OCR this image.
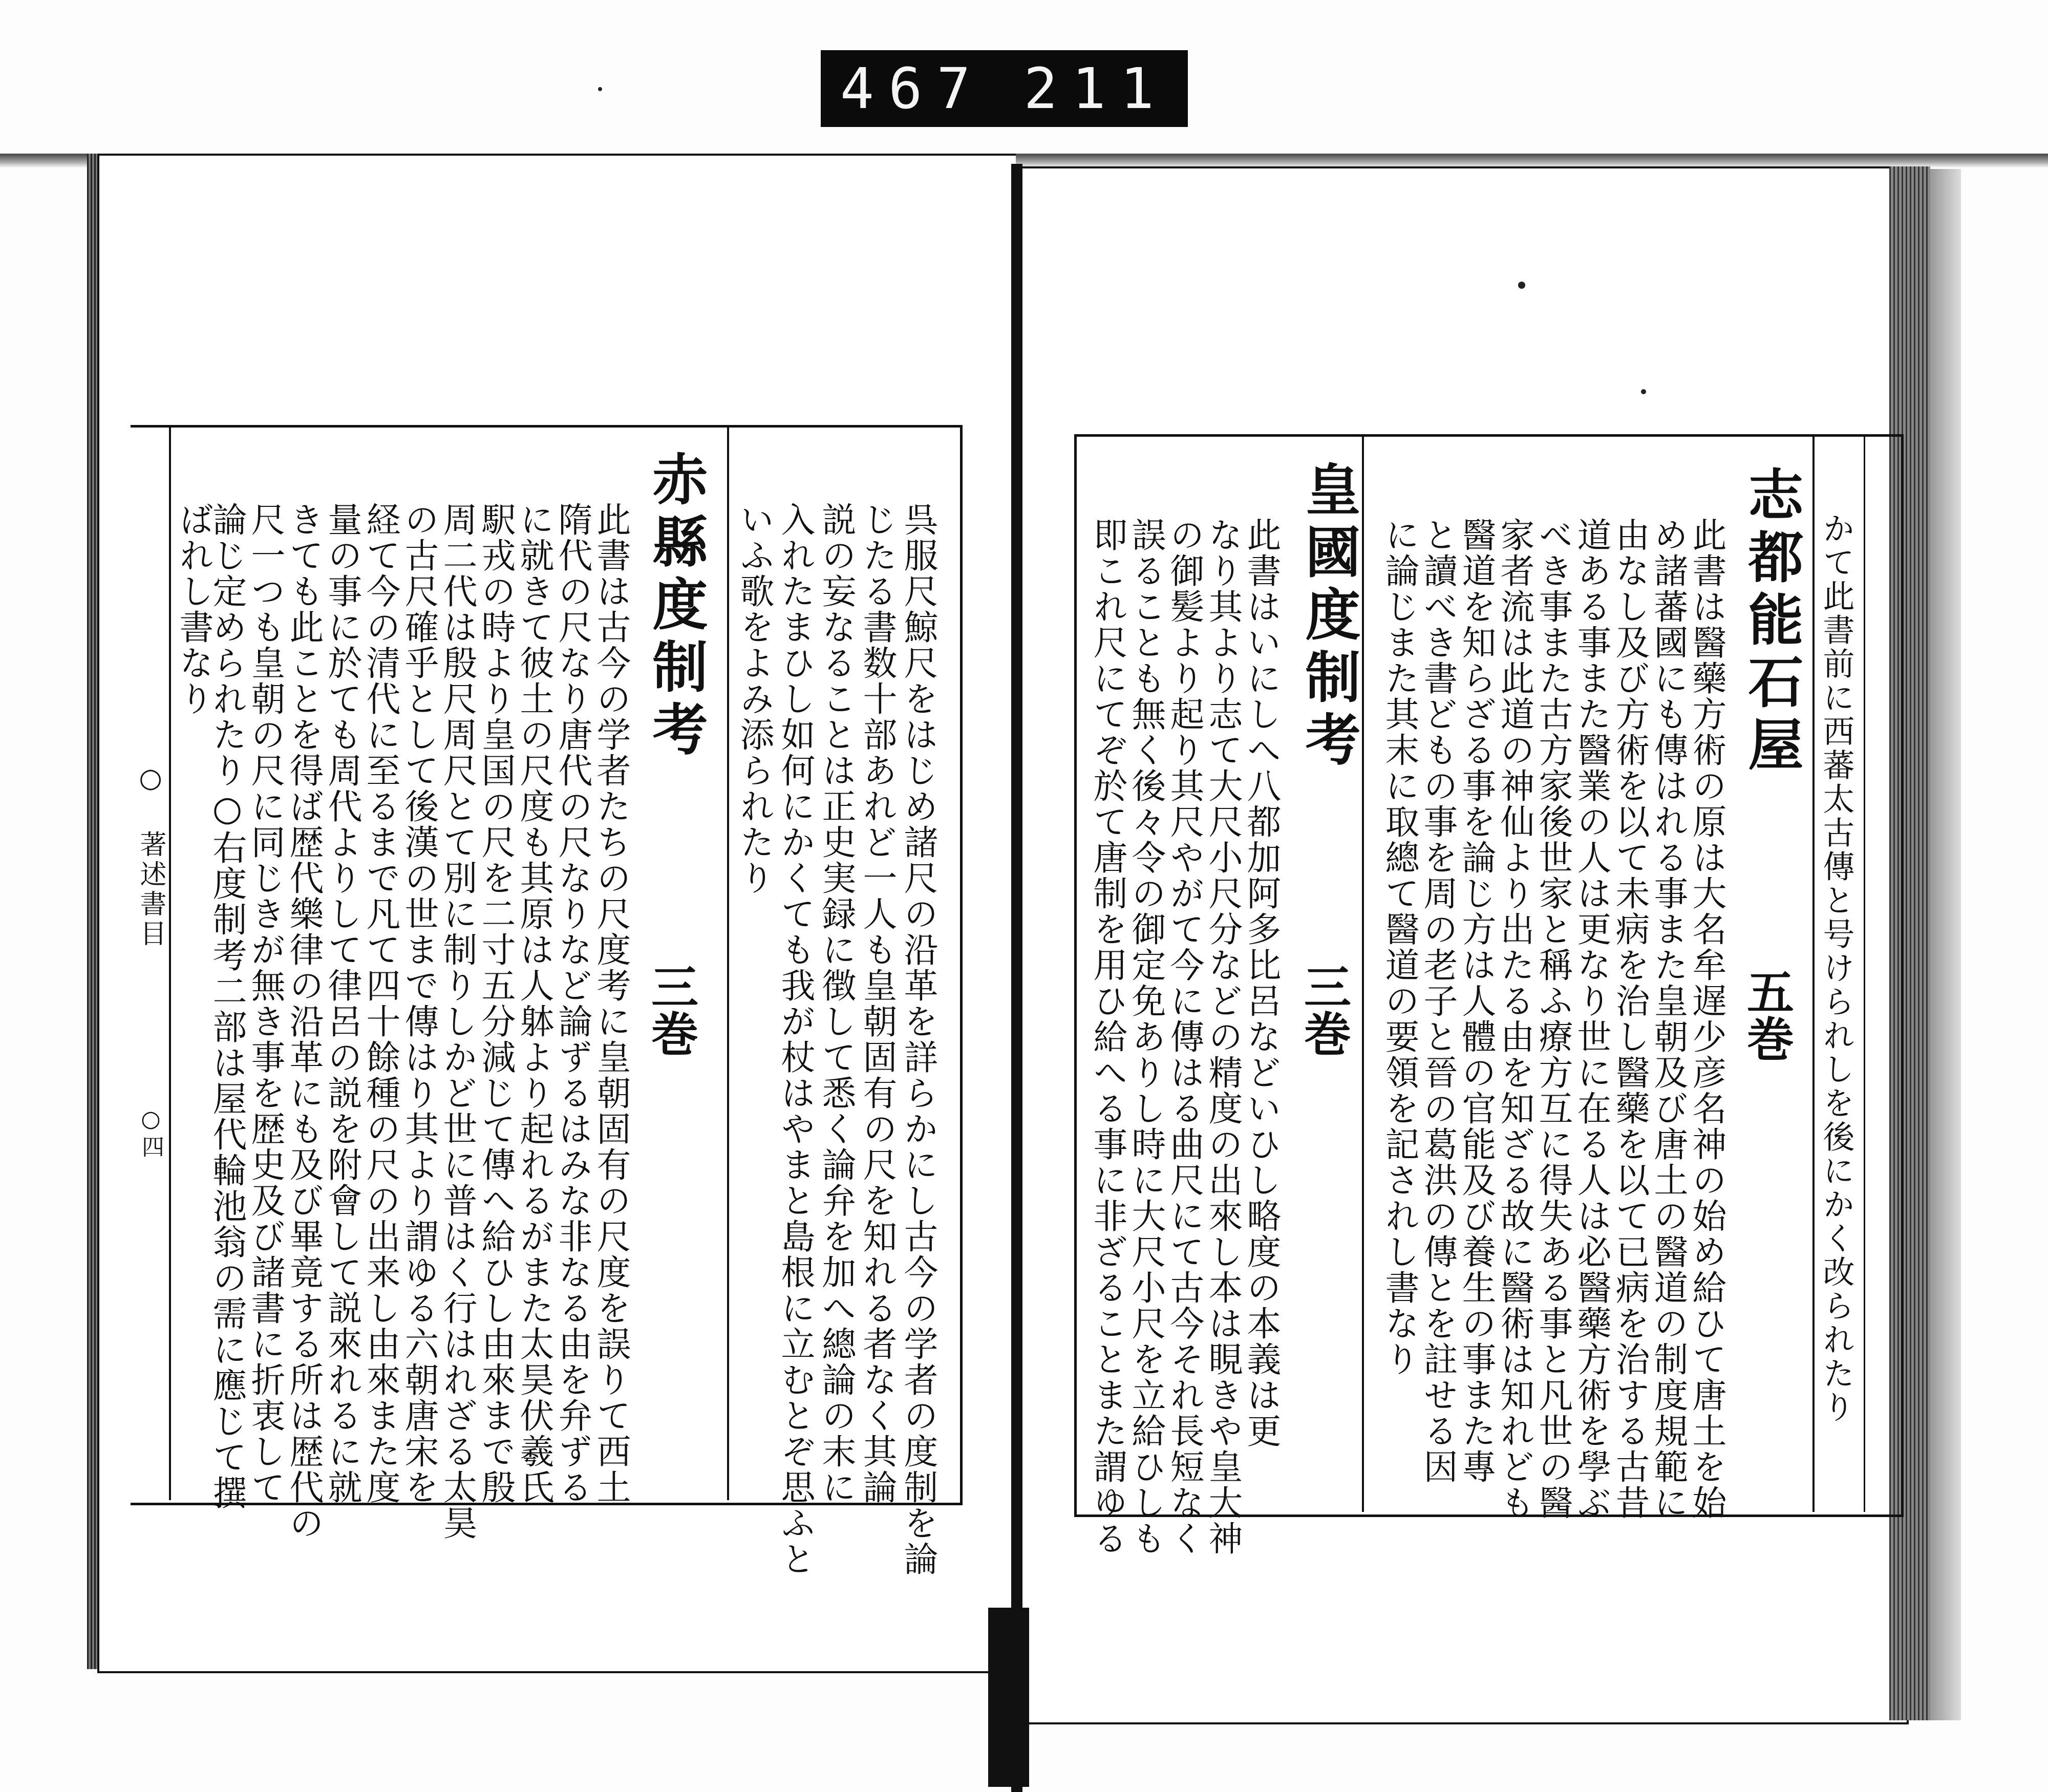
467 211
○ 著述書目
○四	呉服尺鯨尺をはじめ諸尺の沿革を詳らかにし古今の学者の度制を論
じたる書数十部あれど一人も皇朝固有の尺を知れる者なく其論
説の妄なることは正史実録に徴して悉く論弁を加へ總論の末に
入れたまひし如何にかくても我が杖はやまと島根に立むとぞ思ふと
いふ歌をよみ添られたり
赤縣度制考
三巻
此書は古今の学者たちの尺度考に皇朝固有の尺度を誤りて西土
隋代の尺なり唐代の尺なりなど論ずるはみな非なる由を弁ずる
に就きて彼土の尺度も其原は人躰より起れるがまた太昊伏羲氏
駅戎の時より皇国の尺を二寸五分減じて傳へ給ひし由來まで殷
周二代は殷尺周尺とて別に制りしかど世に普はく行はれざる太昊
の古尺確乎として後漢の世まで傳はり其より謂ゆる六朝唐宋を
経て今の清代に至るまで凡て四十餘種の尺の出来し由來また度
量の事に於ても周代よりして律呂の説を附會して説來れるに就
きても此ことを得ば歴代樂律の沿革にも及び畢竟する所は歴代の
尺一つも皇朝の尺に同じきが無き事を歴史及び諸書に折衷して
論じ定められたり○右度制考二部は屋代輪池翁の需に應じて撰
ばれし書なり	かて此書前に西蕃太古傳と号けられしを後にかく改られたり
志都能石屋
五巻
此書は醫藥方術の原は大名牟遅少彦名神の始め給ひて唐土を始
め諸蕃國にも傳はれる事また皇朝及び唐土の醫道の制度規範に
由なし及び方術を以て未病を治し醫藥を以て已病を治する古昔
道ある事また醫業の人は更なり世に在る人は必醫藥方術を學ぶ
べき事また古方家後世家と稱ふ療方互に得失ある事と凡世の醫
家者流は此道の神仙より出たる由を知ざる故に醫術は知れども
醫道を知らざる事を論じ方は人體の官能及び養生の事また專
と讀べき書どもの事を周の老子と晉の葛洪の傳とを註せる因
に論じまた其末に取總て醫道の要領を記されし書なり
皇國度制考
三巻
此書はいにしへ八都加阿多比呂などいひし略度の本義は更
なり其より志て大尺小尺分などの精度の出來し本は睍きや皇大神
の御髪より起り其尺やがて今に傳はる曲尺にて古今それ長短なく
誤ることも無く後々令の御定免ありし時に大尺小尺を立給ひしも
即これ尺にてぞ於て唐制を用ひ給へる事に非ざることまた謂ゆる
